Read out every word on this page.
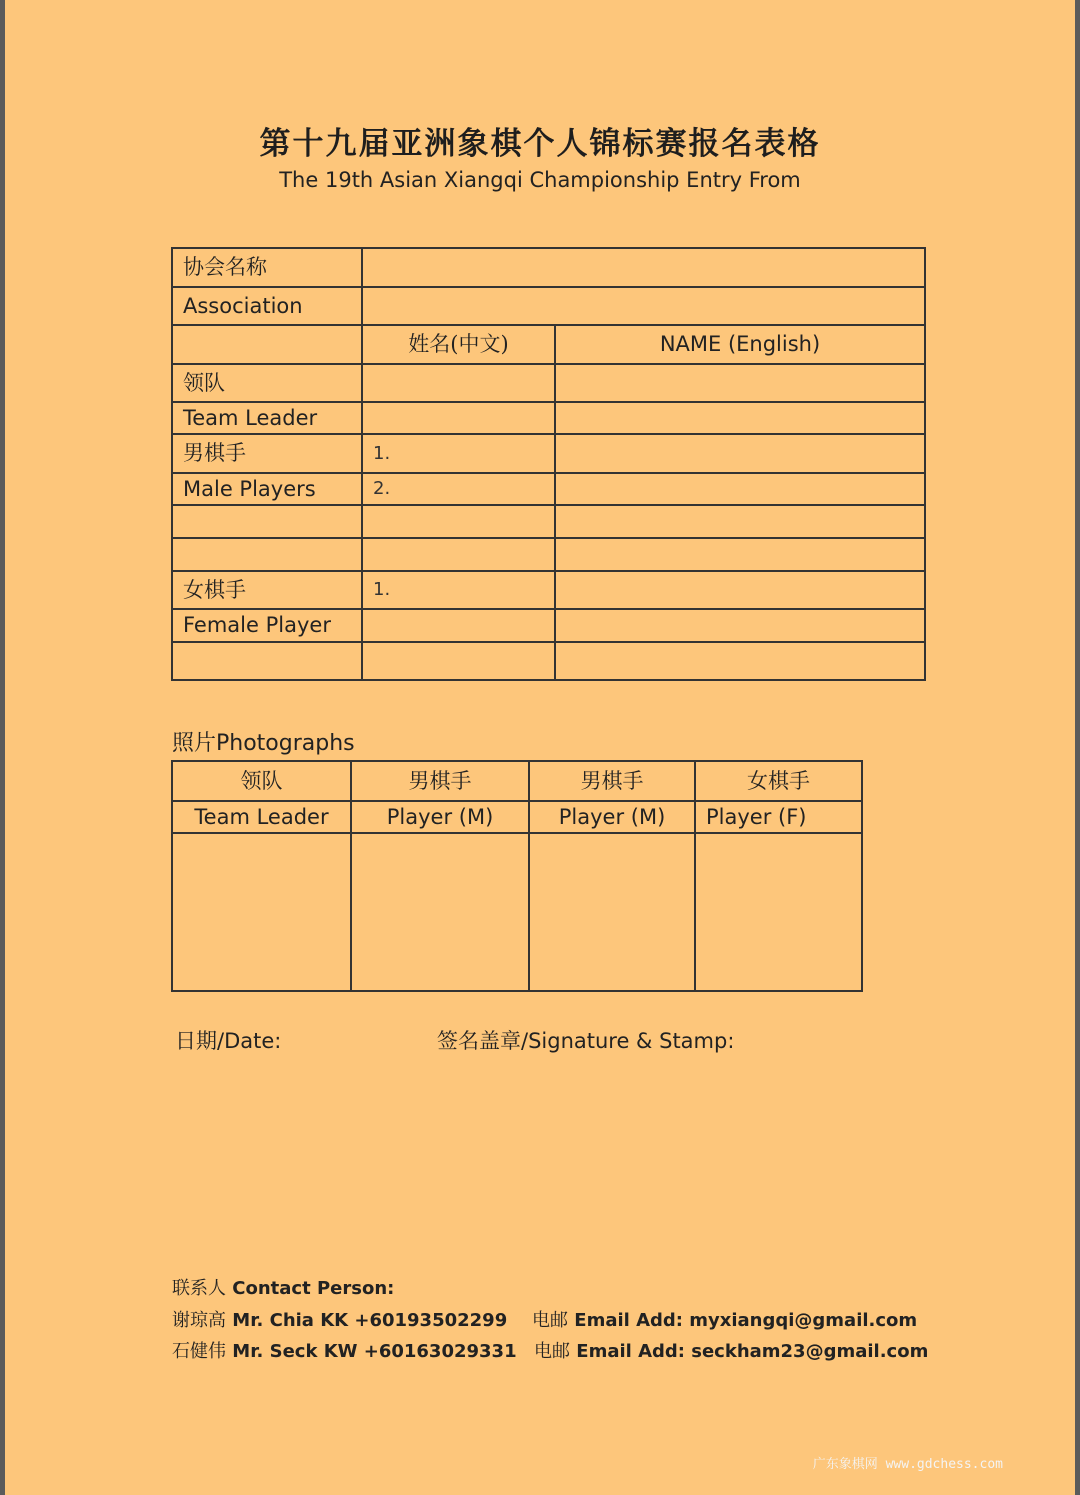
第十九届亚洲象棋个人锦标赛报名表格
The 19th Asian Xiangqi Championship Entry From
协会名称		
Association		
	姓名(中文)	NAME (English)
领队		
Team Leader		
男棋手	1.	
Male Players	2.	

女棋手	1.	
Female Player		

照片Photographs
领队	男棋手	男棋手	女棋手
Team Leader	Player (M)	Player (M)	Player (F)

日期/Date:	签名盖章/Signature & Stamp:
联系人 Contact Person:
谢琼高 Mr. Chia KK +60193502299 电邮 Email Add: myxiangqi@gmail.com
石健伟 Mr. Seck KW +60163029331 电邮 Email Add: seckham23@gmail.com
广东象棋网 www.gdchess.com
